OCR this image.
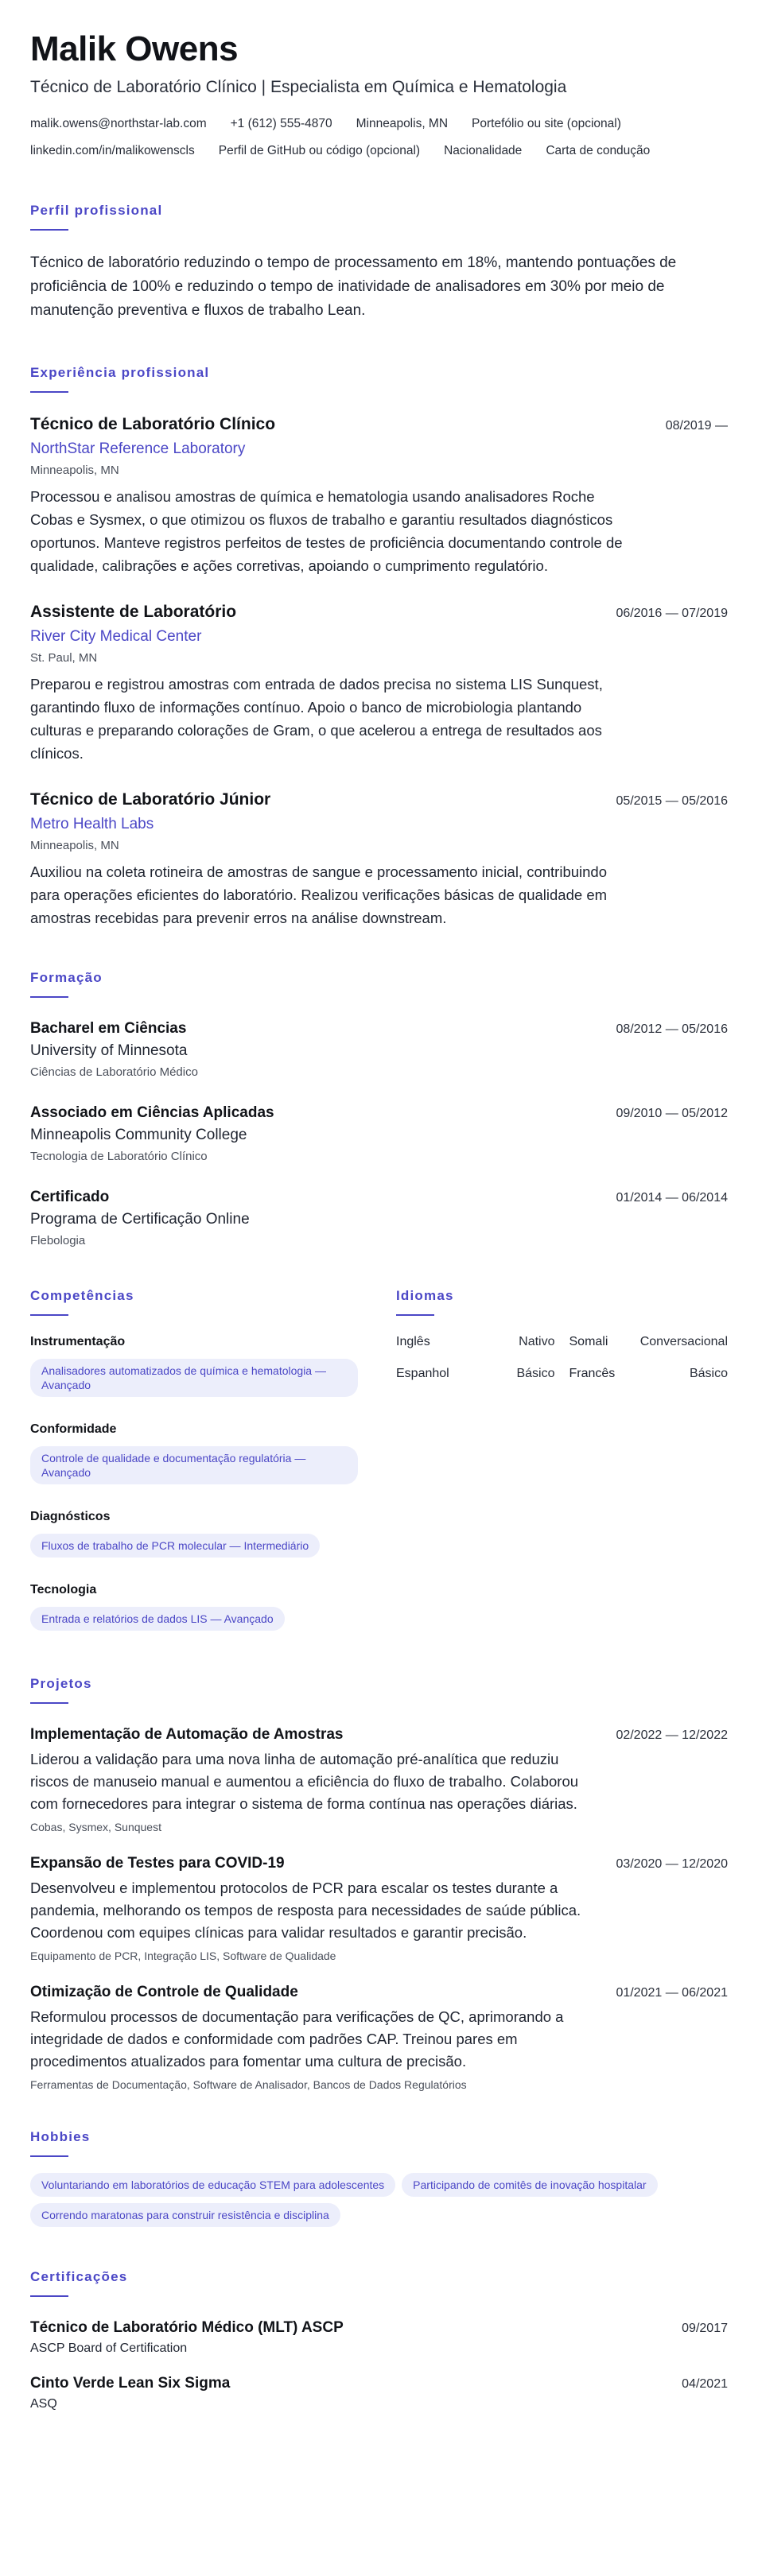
Malik Owens
Técnico de Laboratório Clínico | Especialista em Química e Hematologia
malik.owens@northstar-lab.com +1 (612) 555-4870 Minneapolis, MN Portefólio ou site (opcional)
linkedin.com/in/malikowenscls Perfil de GitHub ou código (opcional) Nacionalidade Carta de condução
Perfil profissional

Técnico de laboratório reduzindo o tempo de processamento em 18%, mantendo pontuações de proficiência de 100% e reduzindo o tempo de inatividade de analisadores em 30% por meio de manutenção preventiva e fluxos de trabalho Lean.

Experiência profissional
Técnico de Laboratório Clínico	08/2019 —
NorthStar Reference Laboratory
Minneapolis, MN

Processou e analisou amostras de química e hematologia usando analisadores Roche Cobas e Sysmex, o que otimizou os fluxos de trabalho e garantiu resultados diagnósticos oportunos. Manteve registros perfeitos de testes de proficiência documentando controle de qualidade, calibrações e ações corretivas, apoiando o cumprimento regulatório.

Assistente de Laboratório	06/2016 — 07/2019
River City Medical Center
St. Paul, MN

Preparou e registrou amostras com entrada de dados precisa no sistema LIS Sunquest, garantindo fluxo de informações contínuo. Apoio o banco de microbiologia plantando culturas e preparando colorações de Gram, o que acelerou a entrega de resultados aos clínicos.

Técnico de Laboratório Júnior	05/2015 — 05/2016
Metro Health Labs
Minneapolis, MN

Auxiliou na coleta rotineira de amostras de sangue e processamento inicial, contribuindo para operações eficientes do laboratório. Realizou verificações básicas de qualidade em amostras recebidas para prevenir erros na análise downstream.

Formação
Bacharel em Ciências	08/2012 — 05/2016
University of Minnesota
Ciências de Laboratório Médico
Associado em Ciências Aplicadas	09/2010 — 05/2012
Minneapolis Community College
Tecnologia de Laboratório Clínico
Certificado	01/2014 — 06/2014
Programa de Certificação Online
Flebologia
Competências
Instrumentação
Analisadores automatizados de química e hematologia — Avançado
Conformidade
Controle de qualidade e documentação regulatória — Avançado
Diagnósticos
Fluxos de trabalho de PCR molecular — Intermediário
Tecnologia
Entrada e relatórios de dados LIS — Avançado
Idiomas
Inglês	Nativo Somali	Conversacional
Espanhol	Básico Francês	Básico
Projetos
Implementação de Automação de Amostras	02/2022 — 12/2022

Liderou a validação para uma nova linha de automação pré-analítica que reduziu riscos de manuseio manual e aumentou a eficiência do fluxo de trabalho. Colaborou com fornecedores para integrar o sistema de forma contínua nas operações diárias.

Cobas, Sysmex, Sunquest
Expansão de Testes para COVID-19	03/2020 — 12/2020

Desenvolveu e implementou protocolos de PCR para escalar os testes durante a pandemia, melhorando os tempos de resposta para necessidades de saúde pública. Coordenou com equipes clínicas para validar resultados e garantir precisão.

Equipamento de PCR, Integração LIS, Software de Qualidade
Otimização de Controle de Qualidade	01/2021 — 06/2021

Reformulou processos de documentação para verificações de QC, aprimorando a integridade de dados e conformidade com padrões CAP. Treinou pares em procedimentos atualizados para fomentar uma cultura de precisão.

Ferramentas de Documentação, Software de Analisador, Bancos de Dados Regulatórios
Hobbies
Voluntariando em laboratórios de educação STEM para adolescentes	Participando de comitês de inovação hospitalar
Correndo maratonas para construir resistência e disciplina
Certificações
Técnico de Laboratório Médico (MLT) ASCP	09/2017
ASCP Board of Certification
Cinto Verde Lean Six Sigma	04/2021
ASQ
